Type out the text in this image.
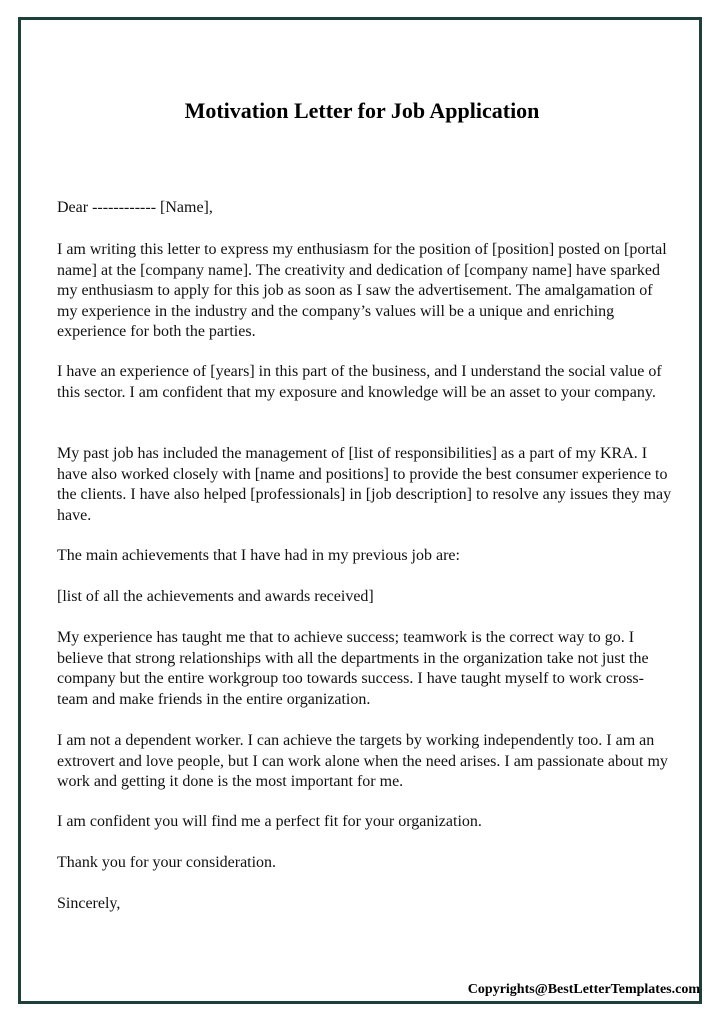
Motivation Letter for Job Application

Dear ------------ [Name],

I am writing this letter to express my enthusiasm for the position of [position] posted on [portal name] at the [company name]. The creativity and dedication of [company name] have sparked my enthusiasm to apply for this job as soon as I saw the advertisement. The amalgamation of my experience in the industry and the company’s values will be a unique and enriching experience for both the parties.

I have an experience of [years] in this part of the business, and I understand the social value of this sector. I am confident that my exposure and knowledge will be an asset to your company.

My past job has included the management of [list of responsibilities] as a part of my KRA. I have also worked closely with [name and positions] to provide the best consumer experience to the clients. I have also helped [professionals] in [job description] to resolve any issues they may have.

The main achievements that I have had in my previous job are:

[list of all the achievements and awards received]

My experience has taught me that to achieve success; teamwork is the correct way to go. I believe that strong relationships with all the departments in the organization take not just the company but the entire workgroup too towards success. I have taught myself to work cross-team and make friends in the entire organization.

I am not a dependent worker. I can achieve the targets by working independently too. I am an extrovert and love people, but I can work alone when the need arises. I am passionate about my work and getting it done is the most important for me.

I am confident you will find me a perfect fit for your organization.

Thank you for your consideration.

Sincerely,

Copyrights@BestLetterTemplates.com
